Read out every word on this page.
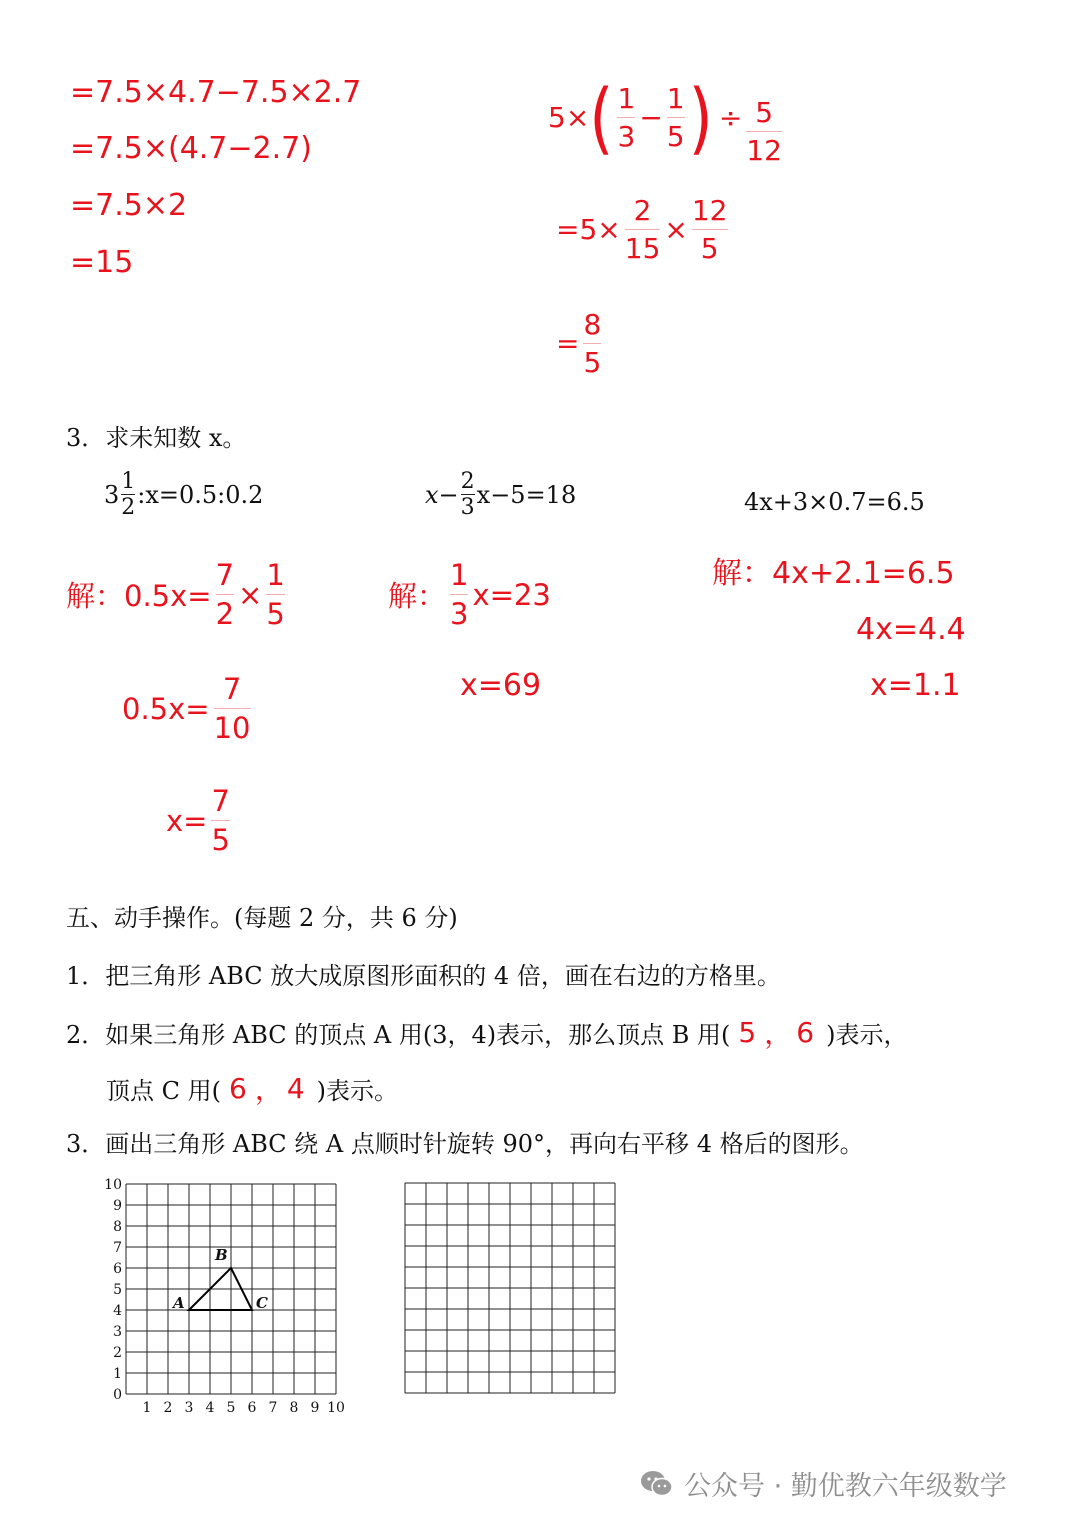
=7.5×4.7−7.5×2.7
=7.5×(4.7−2.7)
=7.5×2
=15
5× ( $\frac{1}{3} - \frac{1}{5}$ ) ÷ $\frac{5}{12}$
$=5\times \frac{2}{15} \times \frac{12}{5}$
= $\frac{8}{5}$
3．求未知数 x。
$3 \frac{1}{2}$ :x=0.5:0.2	$x- \frac{2}{3} x-5=18$	4x+3×0.7=6.5
解：$0.5x= \frac{7}{2} \times \frac{1}{5}$
$0.5x= \frac{7}{10}$
$x= \frac{7}{5}$
解： $\frac{1}{3} x=23$
x=69
解：4x+2.1=6.5
4x=4.4
x=1.1
五、动手操作。(每题 2 分，共 6 分)
1．把三角形 ABC 放大成原图形面积的 4 倍，画在右边的方格里。
2．如果三角形 ABC 的顶点 A 用(3，4)表示，那么顶点 B 用( 5 ， 6 )表示，
顶点 C 用( 6 ， 4 )表示。
3．画出三角形 ABC 绕 A 点顺时针旋转 90°，再向右平移 4 格后的图形。
10
9
8
7
6
5
4
3
2
1
0
1 2 3 4 5 6 7 8 9 10
A
B
C
公众号 · 勤优教六年级数学
